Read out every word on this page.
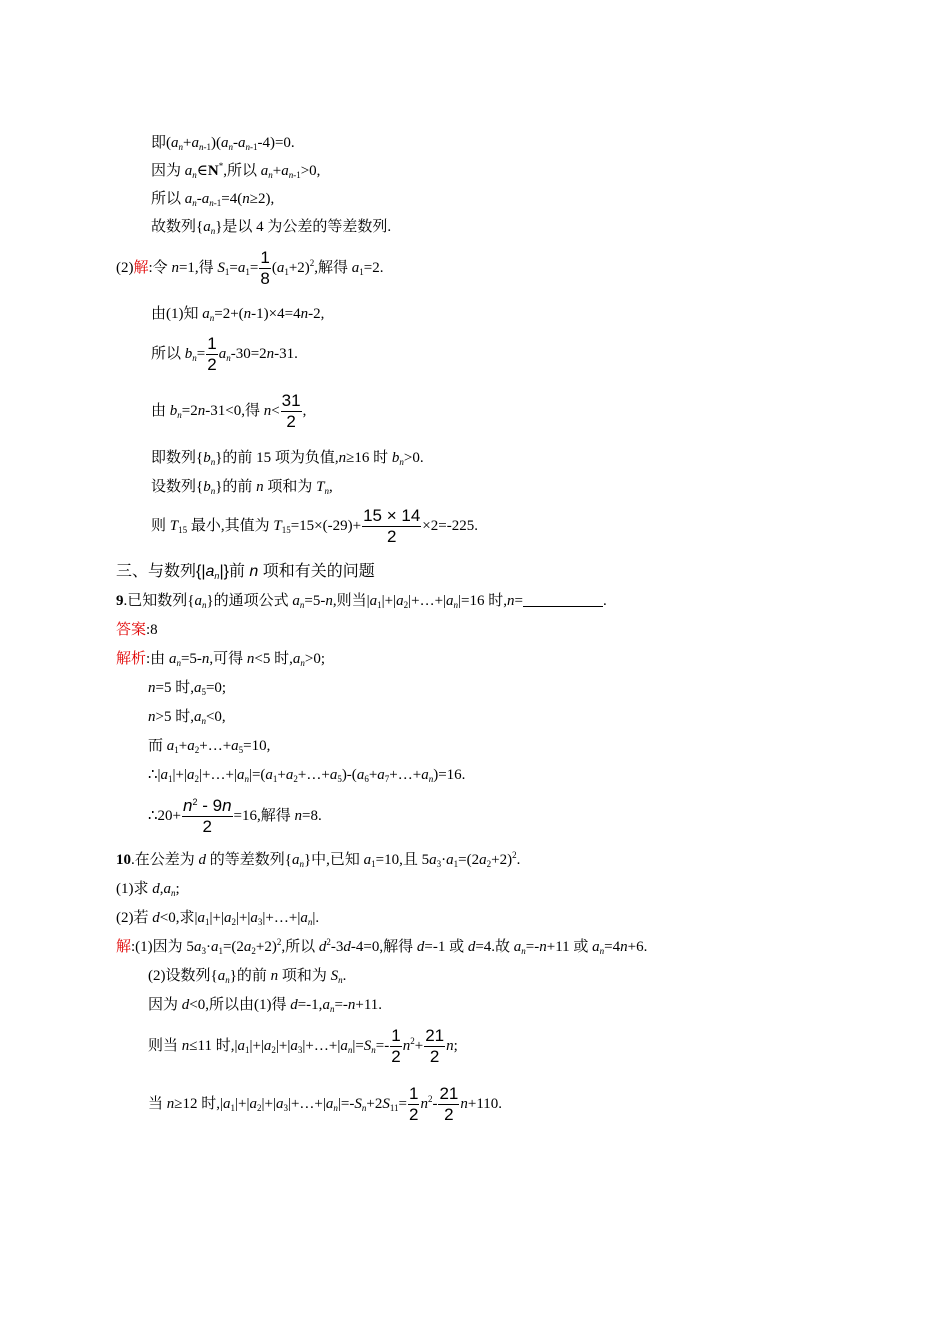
即$(a_n+a_{n-1})(a_n-a_{n-1}-4)=0$.
因为 $a_n\in N^*$,所以 $a_n+a_{n-1}>0$,
所以 $a_n-a_{n-1}=4(n\ge 2)$,
故数列$\{a_n\}$是以 4 为公差的等差数列.
(2)解:令 n=1,得 $S_1=a_1= \frac{1}{8} (a_1+2)^2$,解得 $a_1=2$.
由(1)知 $a_n=2+(n-1)\times 4=4n-2$,
所以 $b_n= \frac{1}{2} a_n-30=2n-31$.
由 $b_n=2n-31<0$,得 $n< \frac{31}{2}$ ,
即数列$\{b_n\}$的前 15 项为负值,n≥16 时 $b_n>0$.
设数列$\{b_n\}$的前 n 项和为 $T_n$,
则 $T_{15}$ 最小,其值为 $T_{15}=15\times(-29)+ \frac{15 \times 14}{2} \times 2=-225$.
三、与数列$\{|a_n|\}$前 n 项和有关的问题
9.已知数列$\{a_n\}$的通项公式 $a_n=5-n$,则当$|a_1|+|a_2|+\dots+|a_n|=16$ 时,n=	.
答案:8
解析:由 $a_n=5-n$,可得 n<5 时$,a_n>0$;
n=5 时$,a_5=0$;
n>5 时$,a_n<0$,
而 $a_1+a_2+\dots+a_5=10$,
$\therefore|a_1|+|a_2|+\dots+|a_n|=(a_1+a_2+\dots+a_5)-(a_6+a_7+\dots+a_n)=16$.
∴20+ $\frac{n^2 - 9n}{2} =16$,解得 n=8.
10.在公差为 d 的等差数列$\{a_n\}$中,已知 $a_1=10$,且 $5a_3\cdot a_1=(2a_2+2)^2$.
(1)求 $d,a_n$;
(2)若 d<0,求$|a_1|+|a_2|+|a_3|+\dots+|a_n|$.
解:(1)因为 $5a_3\cdot a_1=(2a_2+2)^2$,所以 $d^2-3d-4=0$,解得 d=-1 或 d=4.故 $a_n=-n+11$ 或 $a_n=4n+6$.
(2)设数列$\{a_n\}$的前 n 项和为 $S_n$.
因为 d<0,所以由(1)得 $d=-1,a_n=-n+11$.
则当 n≤11 时$,|a_1|+|a_2|+|a_3|+\dots+|a_n|=S_n=- \frac{1}{2} n^2+ \frac{21}{2} n$;
当 n≥12 时$,|a_1|+|a_2|+|a_3|+\dots+|a_n|=-S_n+2S_{11}= \frac{1}{2} n^2- \frac{21}{2} n+110$.
